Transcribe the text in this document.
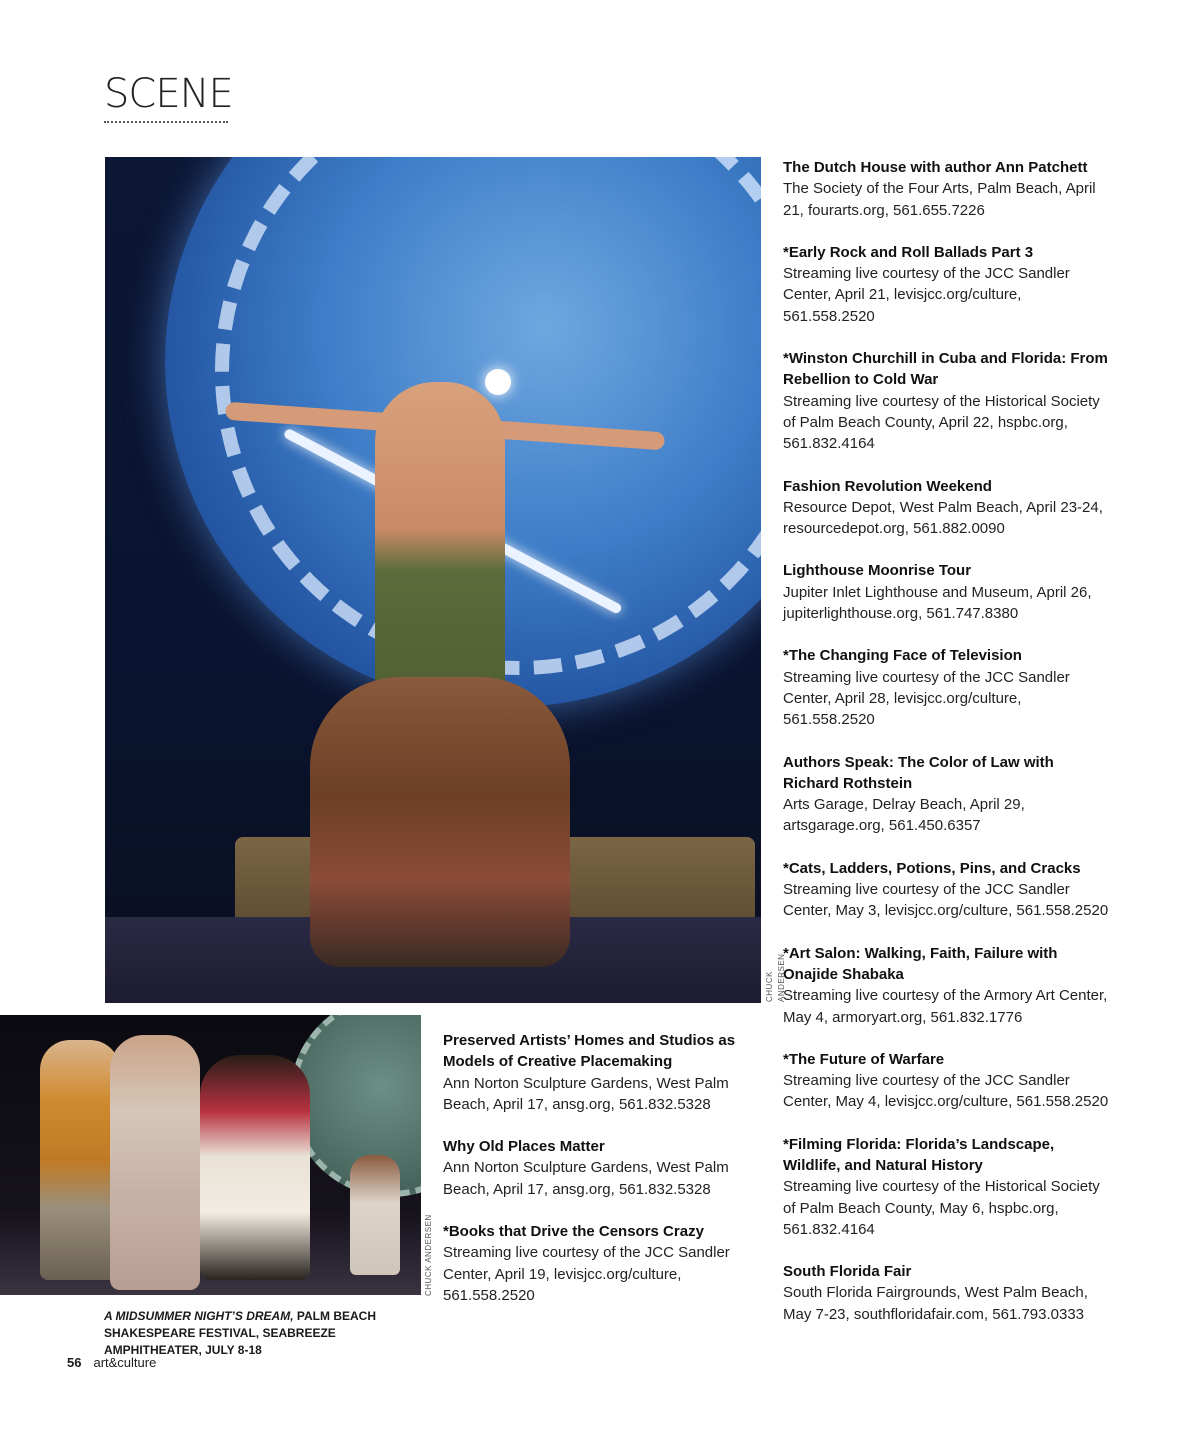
SCENE
CHUCK ANDERSEN
CHUCK ANDERSEN
A MIDSUMMER NIGHT’S DREAM, PALM BEACH SHAKESPEARE FESTIVAL, SEABREEZE AMPHITHEATER, JULY 8-18
Preserved Artists’ Homes and Studios as Models of Creative Placemaking
Ann Norton Sculpture Gardens, West Palm Beach, April 17, ansg.org, 561.832.5328
Why Old Places Matter
Ann Norton Sculpture Gardens, West Palm Beach, April 17, ansg.org, 561.832.5328
*Books that Drive the Censors Crazy
Streaming live courtesy of the JCC Sandler Center, April 19, levisjcc.org/culture, 561.558.2520
The Dutch House with author Ann Patchett
The Society of the Four Arts, Palm Beach, April 21, fourarts.org, 561.655.7226
*Early Rock and Roll Ballads Part 3
Streaming live courtesy of the JCC Sandler Center, April 21, levisjcc.org/culture, 561.558.2520
*Winston Churchill in Cuba and Florida: From Rebellion to Cold War
Streaming live courtesy of the Historical Society of Palm Beach County, April 22, hspbc.org, 561.832.4164
Fashion Revolution Weekend
Resource Depot, West Palm Beach, April 23-24, resourcedepot.org, 561.882.0090
Lighthouse Moonrise Tour
Jupiter Inlet Lighthouse and Museum, April 26, jupiterlighthouse.org, 561.747.8380
*The Changing Face of Television
Streaming live courtesy of the JCC Sandler Center, April 28, levisjcc.org/culture, 561.558.2520
Authors Speak: The Color of Law with Richard Rothstein
Arts Garage, Delray Beach, April 29, artsgarage.org, 561.450.6357
*Cats, Ladders, Potions, Pins, and Cracks
Streaming live courtesy of the JCC Sandler Center, May 3, levisjcc.org/culture, 561.558.2520
*Art Salon: Walking, Faith, Failure with Onajide Shabaka
Streaming live courtesy of the Armory Art Center, May 4, armoryart.org, 561.832.1776
*The Future of Warfare
Streaming live courtesy of the JCC Sandler Center, May 4, levisjcc.org/culture, 561.558.2520
*Filming Florida: Florida’s Landscape, Wildlife, and Natural History
Streaming live courtesy of the Historical Society of Palm Beach County, May 6, hspbc.org, 561.832.4164
South Florida Fair
South Florida Fairgrounds, West Palm Beach, May 7-23, southfloridafair.com, 561.793.0333
56 art&culture
